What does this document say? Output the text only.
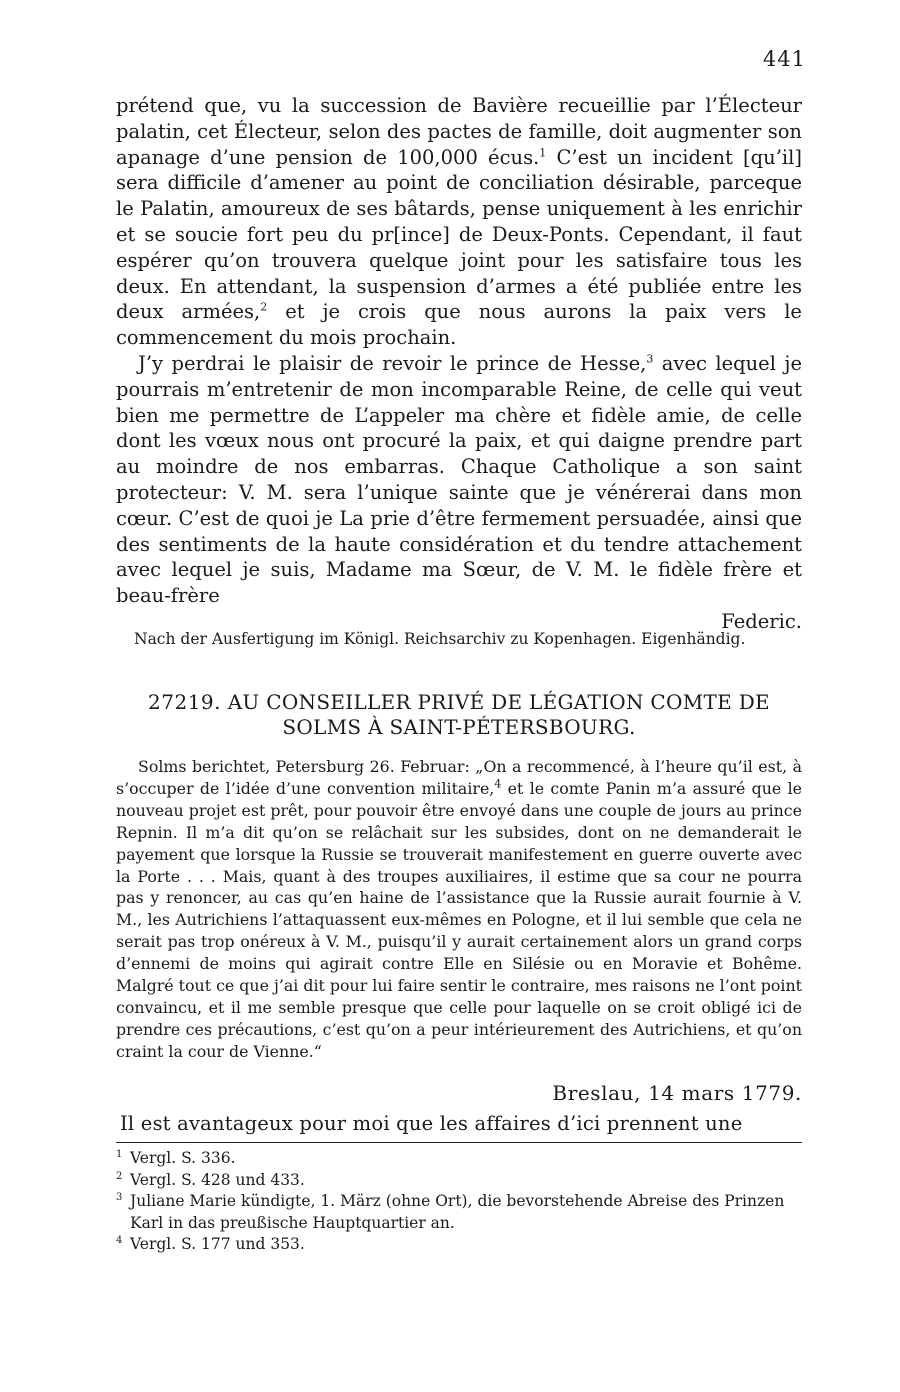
441

prétend que, vu la succession de Bavière recueillie par l’Électeur palatin, cet Électeur, selon des pactes de famille, doit augmenter son apanage d’une pension de 100,000 écus.$^1$ C’est un incident [qu’il] sera difficile d’amener au point de conciliation désirable, parceque le Palatin, amoureux de ses bâtards, pense uniquement à les enrichir et se soucie fort peu du pr[ince] de Deux-Ponts. Cependant, il faut espérer qu’on trouvera quelque joint pour les satisfaire tous les deux. En attendant, la suspension d’armes a été publiée entre les deux armées,$^2$ et je crois que nous aurons la paix vers le commencement du mois prochain.

J’y perdrai le plaisir de revoir le prince de Hesse,$^3$ avec lequel je pourrais m’entretenir de mon incomparable Reine, de celle qui veut bien me permettre de L’appeler ma chère et fidèle amie, de celle dont les vœux nous ont procuré la paix, et qui daigne prendre part au moindre de nos embarras. Chaque Catholique a son saint protecteur: V. M. sera l’unique sainte que je vénérerai dans mon cœur. C’est de quoi je La prie d’être fermement persuadée, ainsi que des sentiments de la haute considération et du tendre attachement avec lequel je suis, Madame ma Sœur, de V. M. le fidèle frère et beau-frère

Federic.
Nach der Ausfertigung im Königl. Reichsarchiv zu Kopenhagen. Eigenhändig.
27219. AU CONSEILLER PRIVÉ DE LÉGATION COMTE DE SOLMS À SAINT-PÉTERSBOURG.

Solms berichtet, Petersburg 26. Februar: „On a recommencé, à l’heure qu’il est, à s’occuper de l’idée d’une convention militaire,$^4$ et le comte Panin m’a assuré que le nouveau projet est prêt, pour pouvoir être envoyé dans une couple de jours au prince Repnin. Il m’a dit qu’on se relâchait sur les subsides, dont on ne demanderait le payement que lorsque la Russie se trouverait manifestement en guerre ouverte avec la Porte . . . Mais, quant à des troupes auxiliaires, il estime que sa cour ne pourra pas y renoncer, au cas qu’en haine de l’assistance que la Russie aurait fournie à V. M., les Autrichiens l’attaquassent eux-mêmes en Pologne, et il lui semble que cela ne serait pas trop onéreux à V. M., puisqu’il y aurait certainement alors un grand corps d’ennemi de moins qui agirait contre Elle en Silésie ou en Moravie et Bohême. Malgré tout ce que j’ai dit pour lui faire sentir le contraire, mes raisons ne l’ont point convaincu, et il me semble presque que celle pour laquelle on se croit obligé ici de prendre ces précautions, c’est qu’on a peur intérieurement des Autrichiens, et qu’on craint la cour de Vienne.“

Breslau, 14 mars 1779.
Il est avantageux pour moi que les affaires d’ici prennent une

1 Vergl. S. 336.

2 Vergl. S. 428 und 433.

3 Juliane Marie kündigte, 1. März (ohne Ort), die bevorstehende Abreise des Prinzen Karl in das preußische Hauptquartier an.

4 Vergl. S. 177 und 353.
